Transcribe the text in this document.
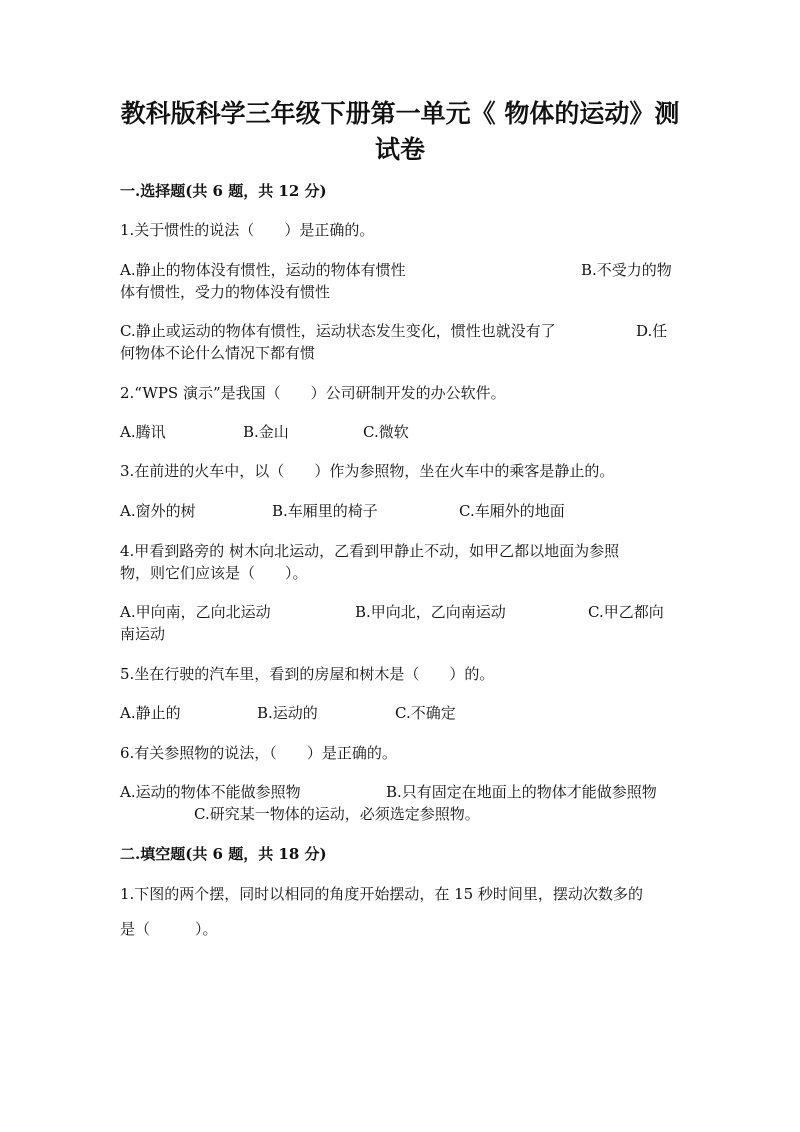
教科版科学三年级下册第一单元《 物体的运动》测
试卷
一.选择题(共 6 题，共 12 分)
1.关于惯性的说法（　　）是正确的。
A.静止的物体没有惯性，运动的物体有惯性	B.不受力的物
体有惯性，受力的物体没有惯性
C.静止或运动的物体有惯性，运动状态发生变化，惯性也就没有了	D.任
何物体不论什么情况下都有惯
2.“WPS 演示”是我国（　　）公司研制开发的办公软件。
A.腾讯	B.金山	C.微软
3.在前进的火车中，以（　　）作为参照物，坐在火车中的乘客是静止的。
A.窗外的树	B.车厢里的椅子	C.车厢外的地面
4.甲看到路旁的 树木向北运动，乙看到甲静止不动，如甲乙都以地面为参照
物，则它们应该是（　　）。
A.甲向南，乙向北运动	B.甲向北，乙向南运动	C.甲乙都向
南运动
5.坐在行驶的汽车里，看到的房屋和树木是（　　）的。
A.静止的	B.运动的	C.不确定
6.有关参照物的说法，（　　）是正确的。
A.运动的物体不能做参照物	B.只有固定在地面上的物体才能做参照物
C.研究某一物体的运动，必须选定参照物。
二.填空题(共 6 题，共 18 分)
1.下图的两个摆，同时以相同的角度开始摆动，在 15 秒时间里，摆动次数多的
是（　　　）。
